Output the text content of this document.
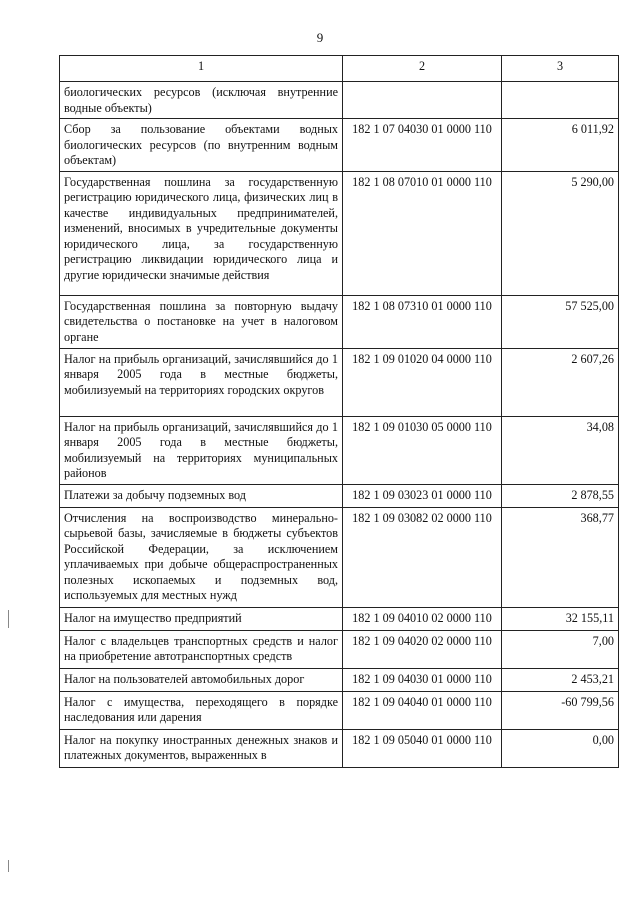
9
1	2	3
биологических ресурсов (исключая внутренние водные объекты)		
Сбор за пользование объектами водных биологических ресурсов (по внутренним водным объектам)	182 1 07 04030 01 0000 110	6 011,92
Государственная пошлина за государственную регистрацию юридического лица, физических лиц в качестве индивидуальных предпринимателей, изменений, вносимых в учредительные документы юридического лица, за государственную регистрацию ликвидации юридического лица и другие юридически значимые действия	182 1 08 07010 01 0000 110	5 290,00
Государственная пошлина за повторную выдачу свидетельства о постановке на учет в налоговом органе	182 1 08 07310 01 0000 110	57 525,00
Налог на прибыль организаций, зачислявшийся до 1 января 2005 года в местные бюджеты, мобилизуемый на территориях городских округов	182 1 09 01020 04 0000 110	2 607,26
Налог на прибыль организаций, зачислявшийся до 1 января 2005 года в местные бюджеты, мобилизуемый на территориях муниципальных районов	182 1 09 01030 05 0000 110	34,08
Платежи за добычу подземных вод	182 1 09 03023 01 0000 110	2 878,55
Отчисления на воспроизводство минерально-сырьевой базы, зачисляемые в бюджеты субъектов Российской Федерации, за исключением уплачиваемых при добыче общераспространенных полезных ископаемых и подземных вод, используемых для местных нужд	182 1 09 03082 02 0000 110	368,77
Налог на имущество предприятий	182 1 09 04010 02 0000 110	32 155,11
Налог с владельцев транспортных средств и налог на приобретение автотранспортных средств	182 1 09 04020 02 0000 110	7,00
Налог на пользователей автомобильных дорог	182 1 09 04030 01 0000 110	2 453,21
Налог с имущества, переходящего в порядке наследования или дарения	182 1 09 04040 01 0000 110	-60 799,56
Налог на покупку иностранных денежных знаков и платежных документов, выраженных в	182 1 09 05040 01 0000 110	0,00
